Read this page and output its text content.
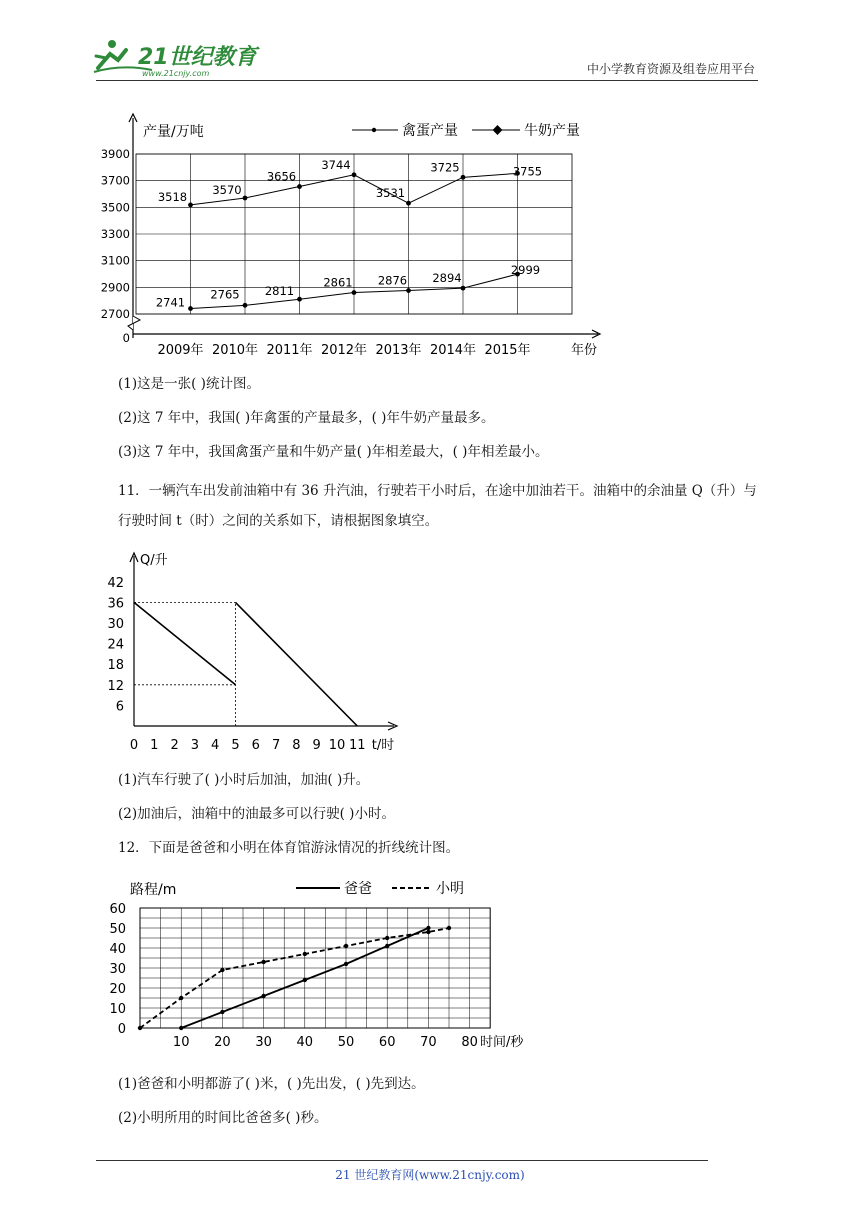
21世纪教育
www.21cnjy.com	中小学教育资源及组卷应用平台
3900
3700
3500
3300
3100
2900
2700
0
2009年 2010年 2011年 2012年 2013年 2014年 2015年	年份
产量/万吨	禽蛋产量	牛奶产量
3518 3570
3656
3744
3531
3725	3755
2741
2765 2811
2861 2876 2894
2999
(1)这是一张( )统计图。
(2)这 7 年中，我国( )年禽蛋的产量最多，( )年牛奶产量最多。
(3)这 7 年中，我国禽蛋产量和牛奶产量( )年相差最大，( )年相差最小。
11．一辆汽车出发前油箱中有 36 升汽油，行驶若干小时后，在途中加油若干。油箱中的余油量 Q（升）与行驶时间 t（时）之间的关系如下，请根据图象填空。
42
36
30
24
18
12
6
0 1 2 3 4 5 6 7 8 9 10 11 t/时
Q/升
(1)汽车行驶了( )小时后加油，加油( )升。
(2)加油后，油箱中的油最多可以行驶( )小时。
12．下面是爸爸和小明在体育馆游泳情况的折线统计图。
60
50
40
30
20
10
0
10 20 30 40 50 60 70 80 时间/秒
路程/m	爸爸	小明
(1)爸爸和小明都游了( )米，( )先出发，( )先到达。
(2)小明所用的时间比爸爸多( )秒。
21 世纪教育网(www.21cnjy.com)
